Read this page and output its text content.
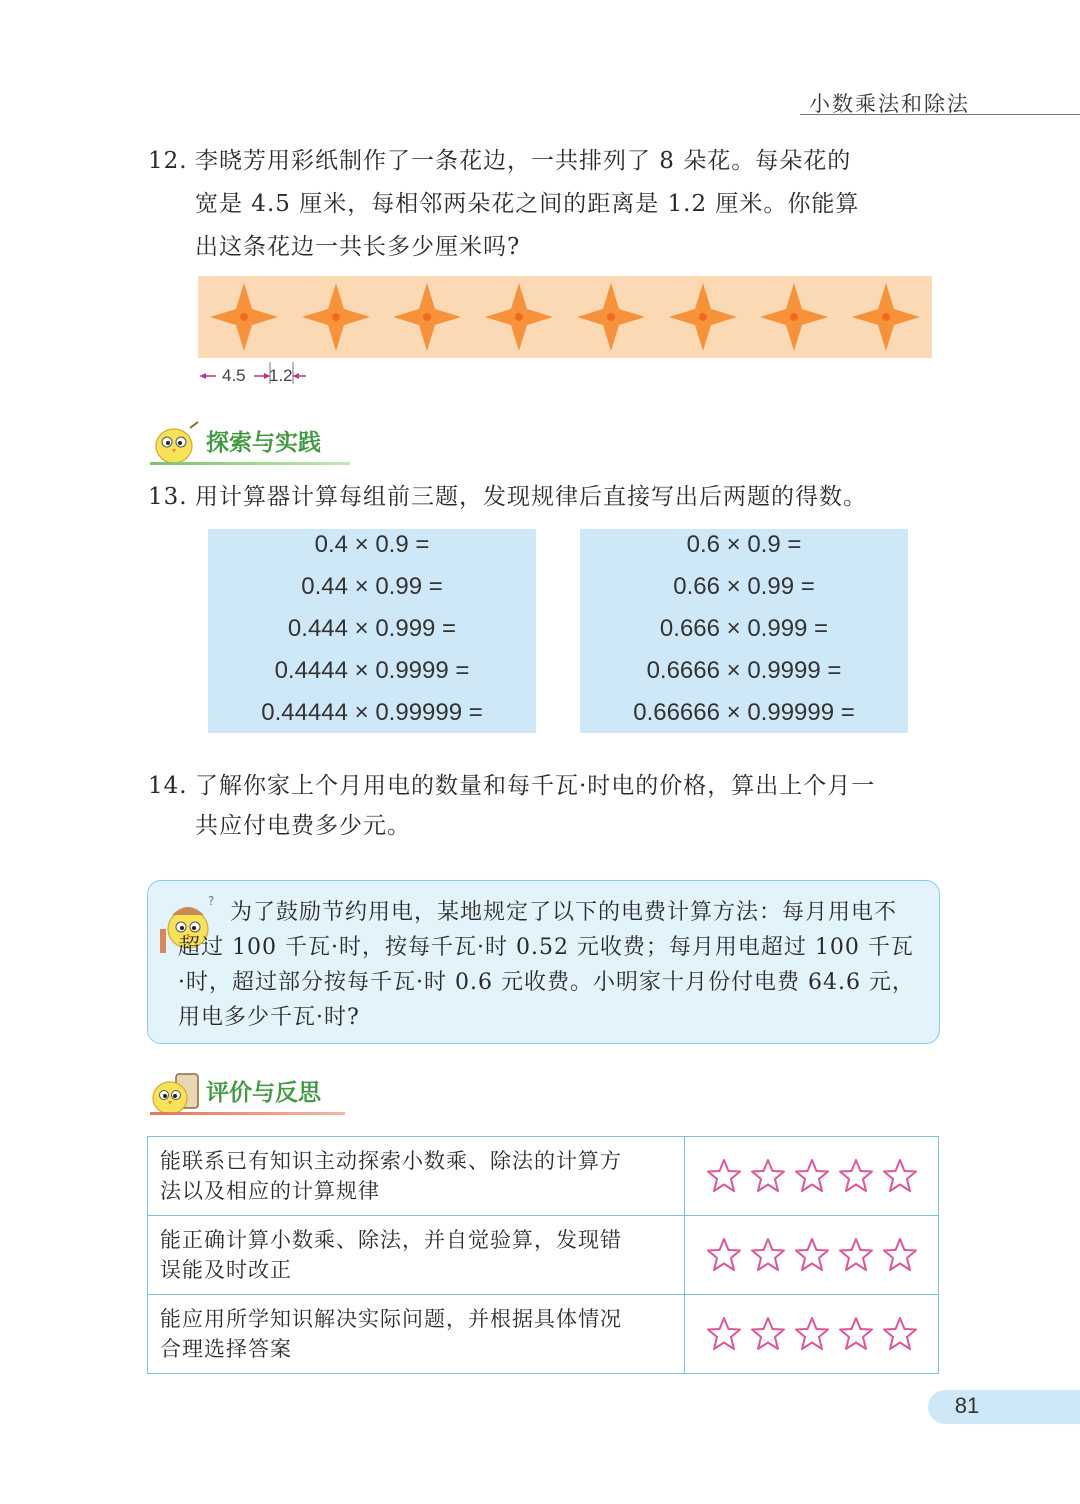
小数乘法和除法
12. 李晓芳用彩纸制作了一条花边，一共排列了 8 朵花。每朵花的
宽是 4.5 厘米，每相邻两朵花之间的距离是 1.2 厘米。你能算
出这条花边一共长多少厘米吗?
4.5 1.2
探索与实践
13. 用计算器计算每组前三题，发现规律后直接写出后两题的得数。
0.4 × 0.9 =
0.44 × 0.99 =
0.444 × 0.999 =
0.4444 × 0.9999 =
0.44444 × 0.99999 =
0.6 × 0.9 =
0.66 × 0.99 =
0.666 × 0.999 =
0.6666 × 0.9999 =
0.66666 × 0.99999 =
14. 了解你家上个月用电的数量和每千瓦·时电的价格，算出上个月一
共应付电费多少元。
? 为了鼓励节约用电，某地规定了以下的电费计算方法：每月用电不超过 100 千瓦·时，按每千瓦·时 0.52 元收费；每月用电超过 100 千瓦·时，超过部分按每千瓦·时 0.6 元收费。小明家十月份付电费 64.6 元，用电多少千瓦·时?
评价与反思
能联系已有知识主动探索小数乘、除法的计算方
法以及相应的计算规律

能正确计算小数乘、除法，并自觉验算，发现错
误能及时改正

能应用所学知识解决实际问题，并根据具体情况
合理选择答案

81
